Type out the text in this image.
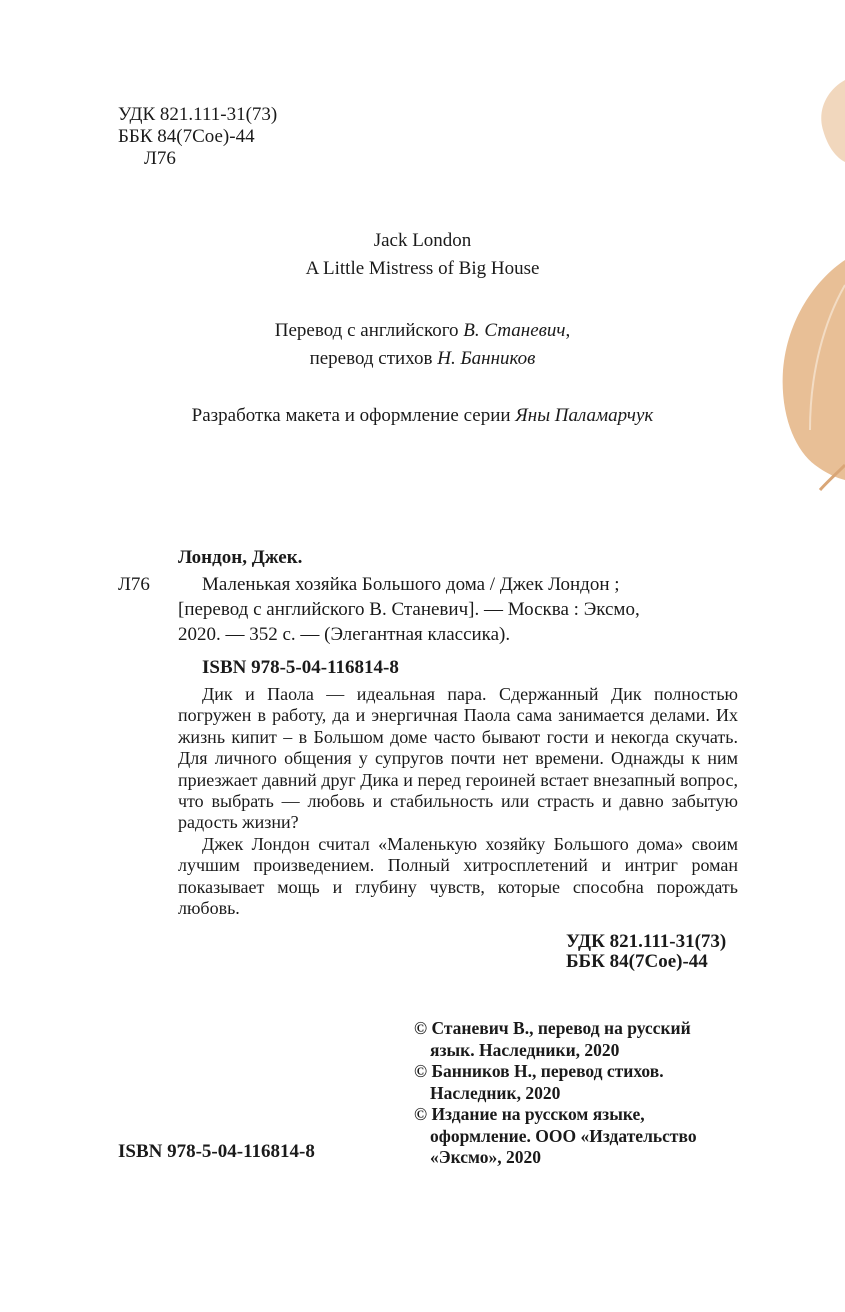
УДК 821.111-31(73)
ББК 84(7Сое)-44
Л76
Jack London
A Little Mistress of Big House
Перевод с английского В. Станевич,
перевод стихов Н. Банников
Разработка макета и оформление серии Яны Паламарчук
Лондон, Джек.
Л76	Маленькая хозяйка Большого дома / Джек Лондон ;
[перевод с английского В. Станевич]. — Москва : Эксмо,
2020. — 352 с. — (Элегантная классика).
ISBN 978-5-04-116814-8

Дик и Паола — идеальная пара. Сдержанный Дик полностью погружен в работу, да и энергичная Паола сама занимается делами. Их жизнь кипит – в Большом доме часто бывают гости и некогда скучать. Для личного общения у супругов почти нет времени. Однажды к ним приезжает давний друг Дика и перед героиней встает внезапный вопрос, что выбрать — любовь и стабильность или страсть и давно забытую радость жизни?

Джек Лондон считал «Маленькую хозяйку Большого дома» своим лучшим произведением. Полный хитросплетений и интриг роман показывает мощь и глубину чувств, которые способна порождать любовь.

УДК 821.111-31(73)
ББК 84(7Сое)-44
© Станевич В., перевод на русский
язык. Наследники, 2020
© Банников Н., перевод стихов.
Наследник, 2020
© Издание на русском языке,
оформление. ООО «Издательство
«Эксмо», 2020
ISBN 978-5-04-116814-8
